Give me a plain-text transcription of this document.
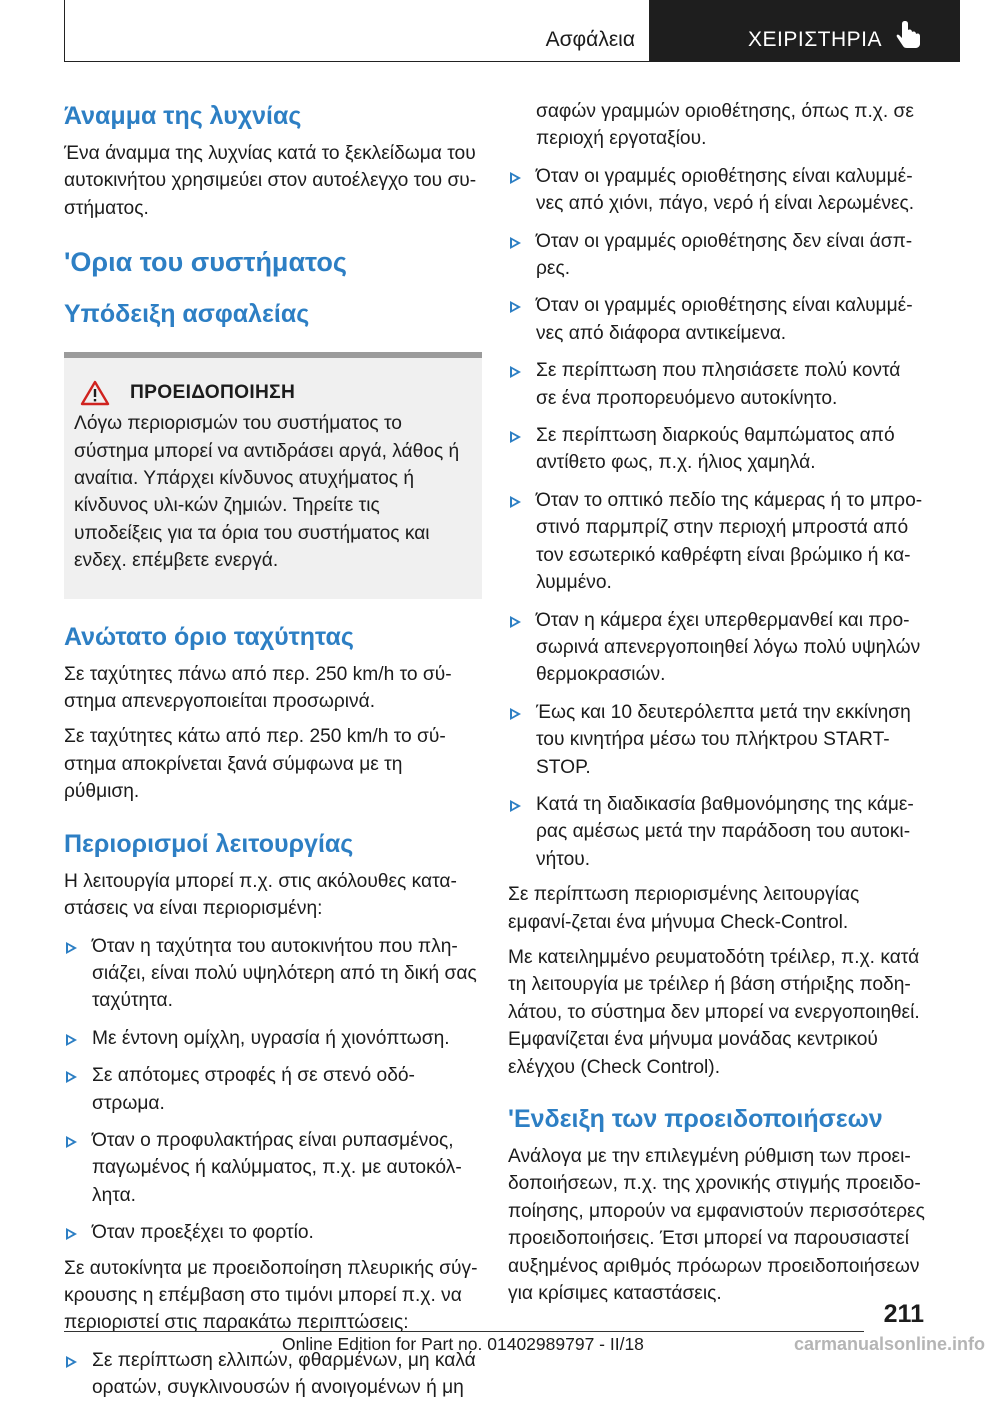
Ασφάλεια	ΧΕΙΡΙΣΤΗΡΙΑ
Άναμμα της λυχνίας

Ένα άναμμα της λυχνίας κατά το ξεκλείδωμα του αυτοκινήτου χρησιμεύει στον αυτοέλεγχο του συ-στήματος.

'Ορια του συστήματος
Υπόδειξη ασφαλείας
ΠΡΟΕΙΔΟΠΟΙΗΣΗ

Λόγω περιορισμών του συστήματος το σύστημα μπορεί να αντιδράσει αργά, λάθος ή αναίτια. Υπάρχει κίνδυνος ατυχήματος ή κίνδυνος υλι-κών ζημιών. Τηρείτε τις υποδείξεις για τα όρια του συστήματος και ενδεχ. επέμβετε ενεργά.

Ανώτατο όριο ταχύτητας

Σε ταχύτητες πάνω από περ. 250 km/h το σύ-στημα απενεργοποιείται προσωρινά.

Σε ταχύτητες κάτω από περ. 250 km/h το σύ-στημα αποκρίνεται ξανά σύμφωνα με τη ρύθμιση.

Περιορισμοί λειτουργίας

Η λειτουργία μπορεί π.χ. στις ακόλουθες κατα-στάσεις να είναι περιορισμένη:

Όταν η ταχύτητα του αυτοκινήτου που πλη-σιάζει, είναι πολύ υψηλότερη από τη δική σας ταχύτητα.
Με έντονη ομίχλη, υγρασία ή χιονόπτωση.
Σε απότομες στροφές ή σε στενό οδό-στρωμα.
Όταν ο προφυλακτήρας είναι ρυπασμένος, παγωμένος ή καλύμματος, π.χ. με αυτοκόλ-λητα.
Όταν προεξέχει το φορτίο.

Σε αυτοκίνητα με προειδοποίηση πλευρικής σύγ-κρουσης η επέμβαση στο τιμόνι μπορεί π.χ. να περιοριστεί στις παρακάτω περιπτώσεις:

Σε περίπτωση ελλιπών, φθαρμένων, μη καλά ορατών, συγκλινουσών ή ανοιγομένων ή μη

σαφών γραμμών οριοθέτησης, όπως π.χ. σε περιοχή εργοταξίου.

Όταν οι γραμμές οριοθέτησης είναι καλυμμέ-νες από χιόνι, πάγο, νερό ή είναι λερωμένες.
Όταν οι γραμμές οριοθέτησης δεν είναι άσπ-ρες.
Όταν οι γραμμές οριοθέτησης είναι καλυμμέ-νες από διάφορα αντικείμενα.
Σε περίπτωση που πλησιάσετε πολύ κοντά σε ένα προπορευόμενο αυτοκίνητο.
Σε περίπτωση διαρκούς θαμπώματος από αντίθετο φως, π.χ. ήλιος χαμηλά.
Όταν το οπτικό πεδίο της κάμερας ή το μπρο-στινό παρμπρίζ στην περιοχή μπροστά από τον εσωτερικό καθρέφτη είναι βρώμικο ή κα-λυμμένο.
Όταν η κάμερα έχει υπερθερμανθεί και προ-σωρινά απενεργοποιηθεί λόγω πολύ υψηλών θερμοκρασιών.
Έως και 10 δευτερόλεπτα μετά την εκκίνηση του κινητήρα μέσω του πλήκτρου START-STOP.
Κατά τη διαδικασία βαθμονόμησης της κάμε-ρας αμέσως μετά την παράδοση του αυτοκι-νήτου.

Σε περίπτωση περιορισμένης λειτουργίας εμφανί-ζεται ένα μήνυμα Check-Control.

Με κατειλημμένο ρευματοδότη τρέιλερ, π.χ. κατά τη λειτουργία με τρέιλερ ή βάση στήριξης ποδη-λάτου, το σύστημα δεν μπορεί να ενεργοποιηθεί. Εμφανίζεται ένα μήνυμα μονάδας κεντρικού ελέγχου (Check Control).

'Ενδειξη των προειδοποιήσεων

Ανάλογα με την επιλεγμένη ρύθμιση των προει-δοποιήσεων, π.χ. της χρονικής στιγμής προειδο-ποίησης, μπορούν να εμφανιστούν περισσότερες προειδοποιήσεις. Έτσι μπορεί να παρουσιαστεί αυξημένος αριθμός πρόωρων προειδοποιήσεων για κρίσιμες καταστάσεις.

211
Online Edition for Part no. 01402989797 - II/18	carmanualsonline.info
